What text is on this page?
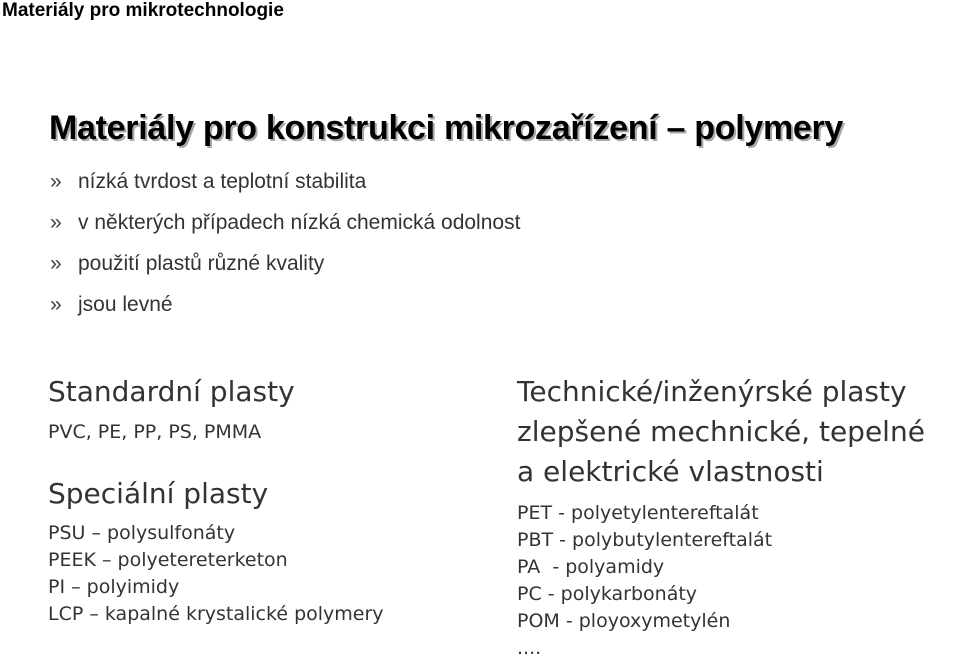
Materiály pro mikrotechnologie
Materiály pro konstrukci mikrozařízení – polymery
» nízká tvrdost a teplotní stabilita
» v některých případech nízká chemická odolnost
» použití plastů různé kvality
» jsou levné
Standardní plasty
PVC, PE, PP, PS, PMMA
Speciální plasty
PSU – polysulfonáty
PEEK – polyetereterketon
PI – polyimidy
LCP – kapalné krystalické polymery
Technické/inženýrské plasty
zlepšené mechnické, tepelné
a elektrické vlastnosti
PET - polyetylentereftalát
PBT - polybutylentereftalát
PA  - polyamidy
PC - polykarbonáty
POM - ployoxymetylén
....
